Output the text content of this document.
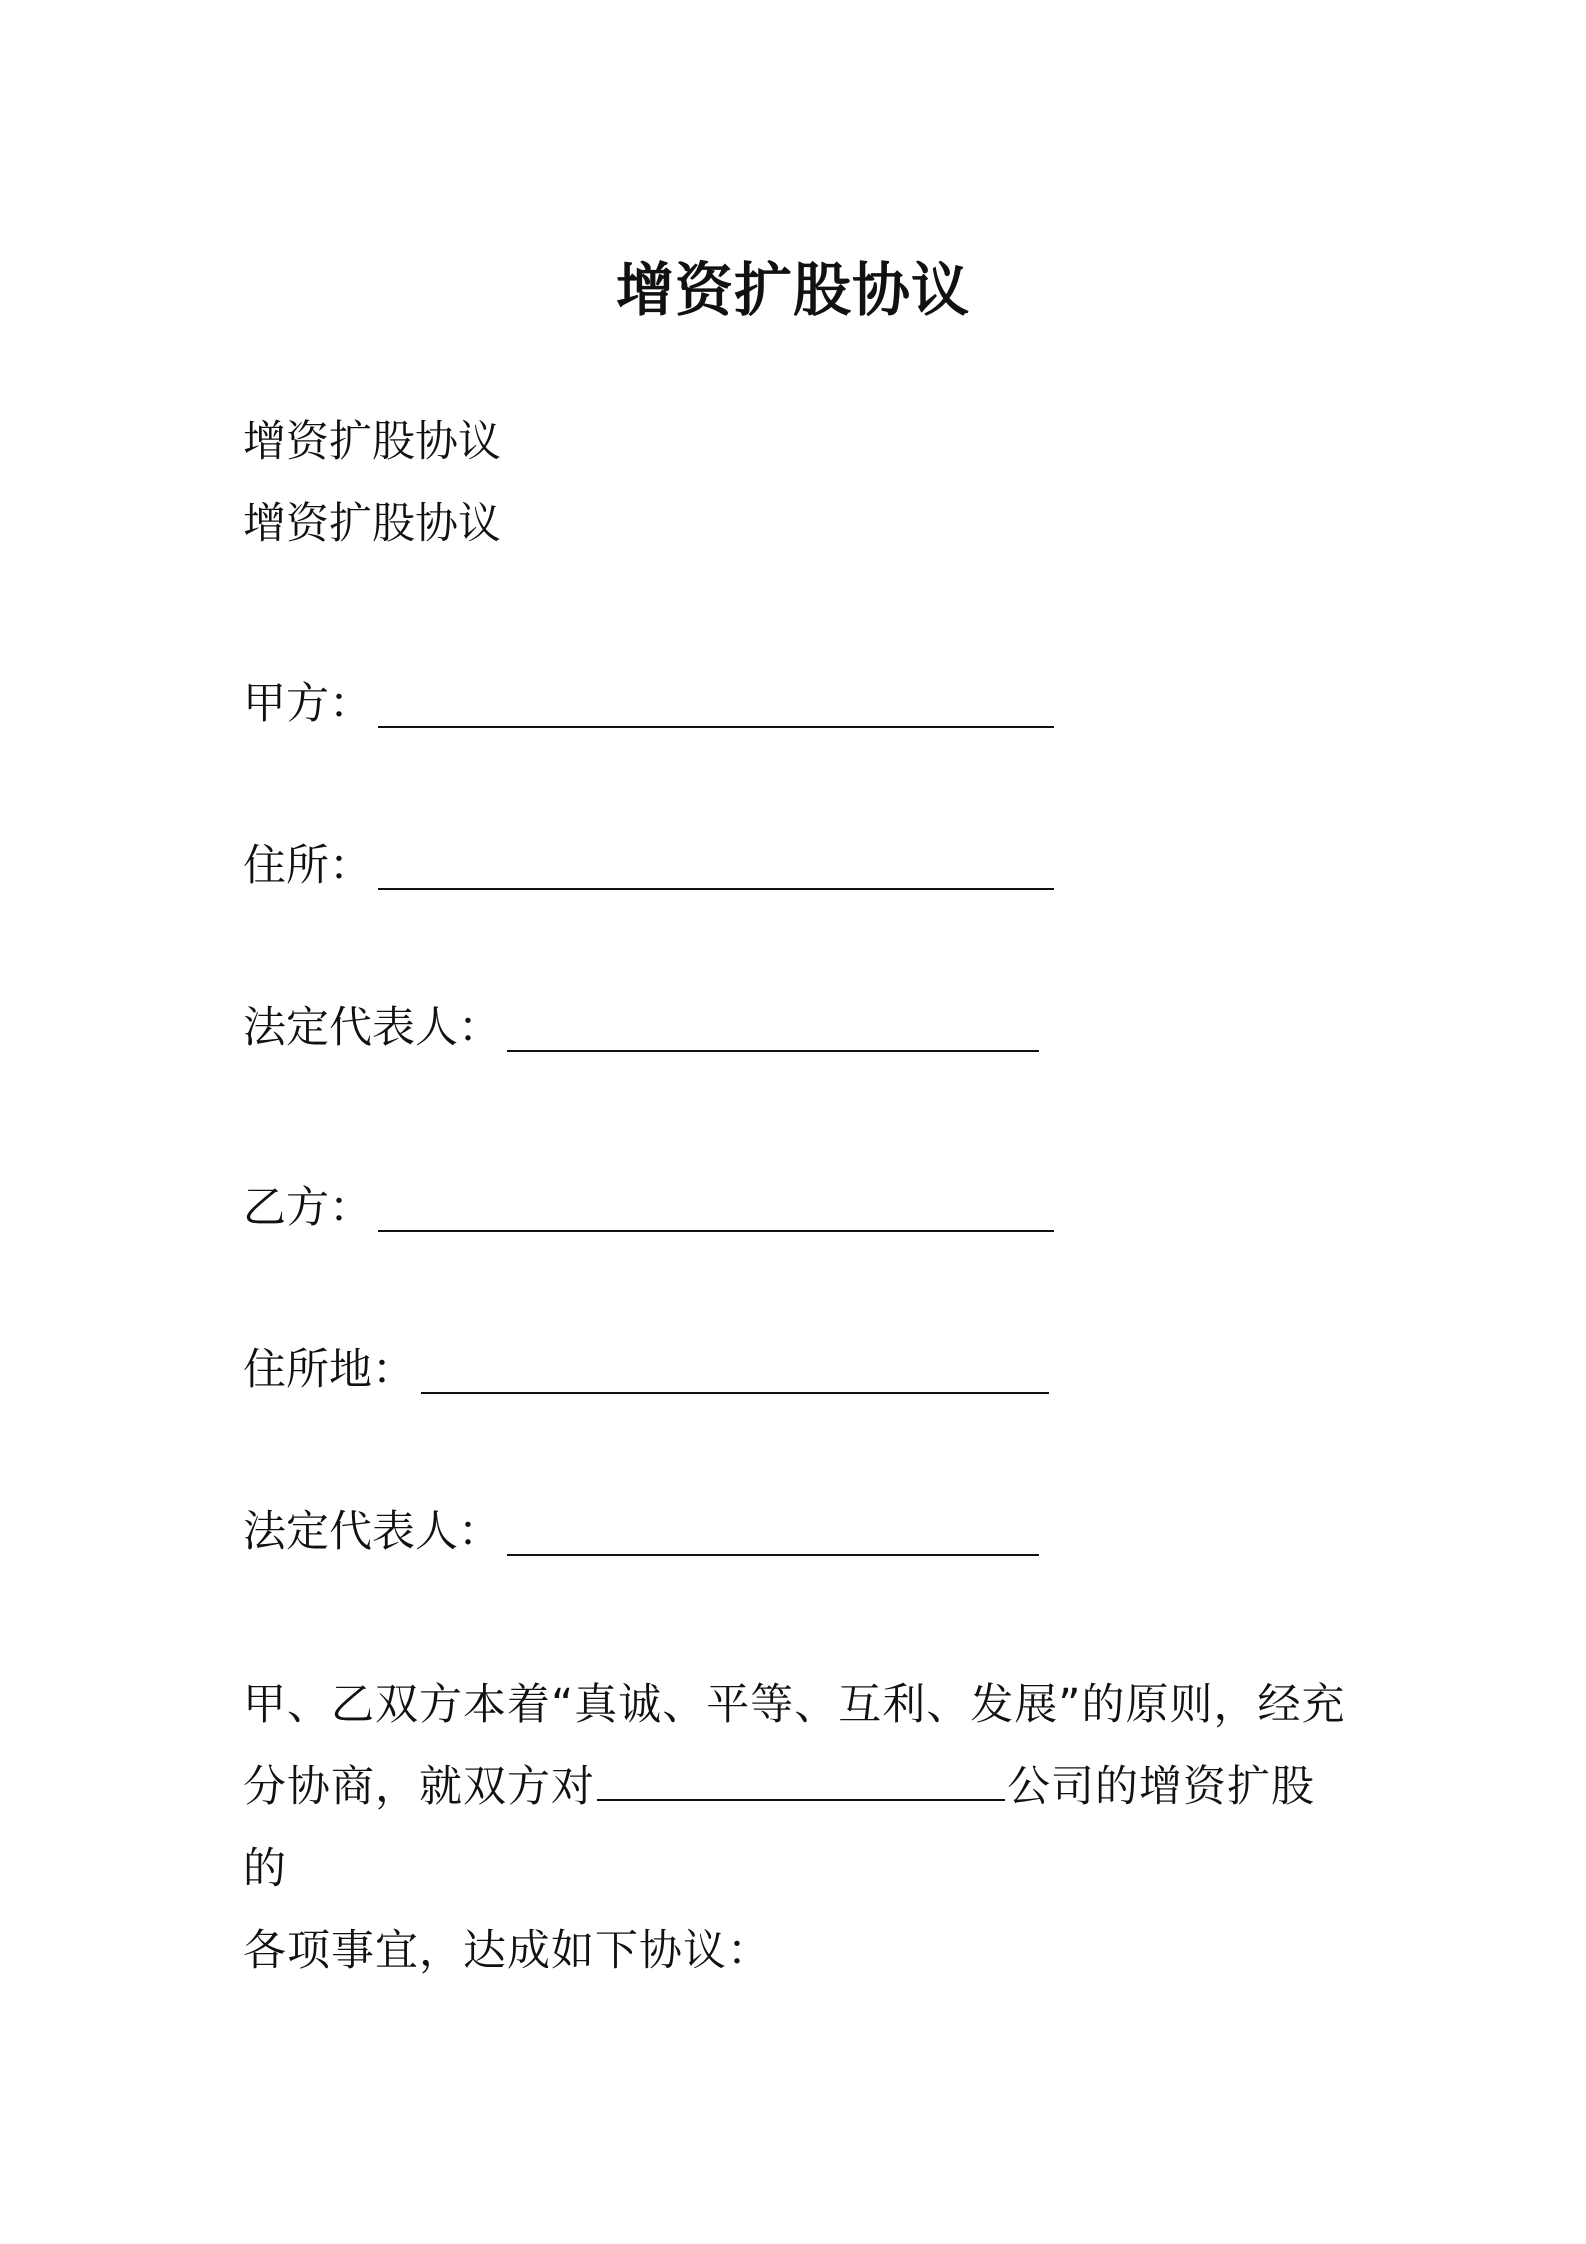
增资扩股协议
增资扩股协议
增资扩股协议
甲方：
住所：
法定代表人：
乙方：
住所地：
法定代表人：
甲、乙双方本着“真诚、平等、互利、发展”的原则，经充
分协商，就双方对	公司的增资扩股的
各项事宜，达成如下协议：
